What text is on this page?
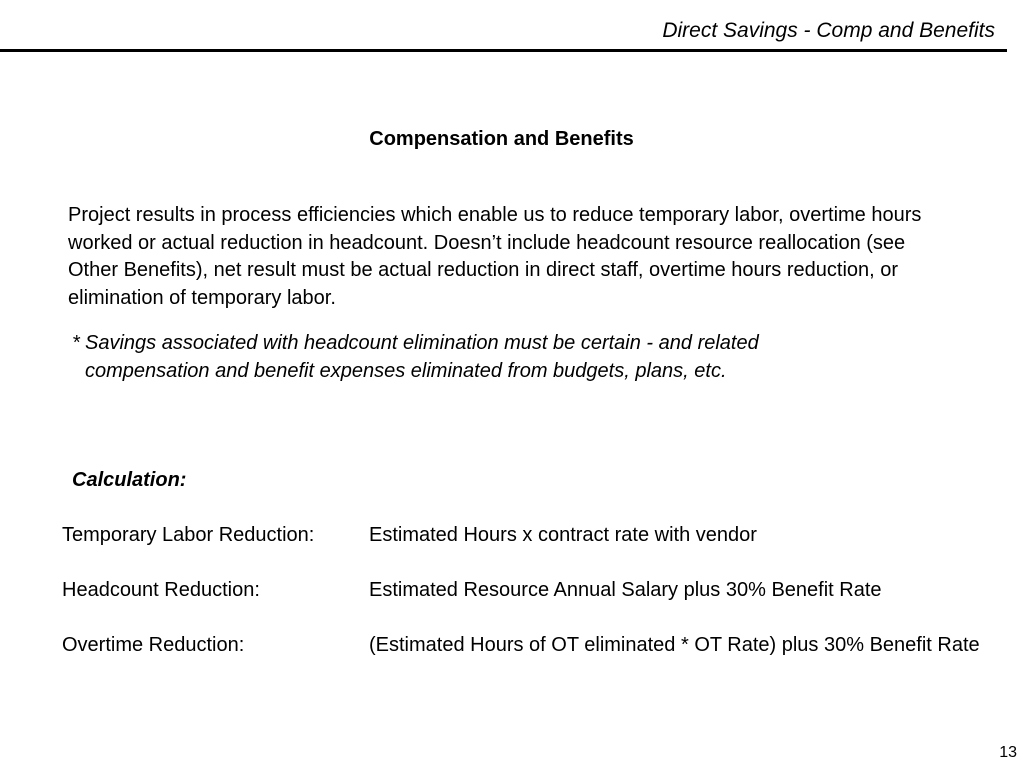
Direct Savings - Comp and Benefits
Compensation and Benefits
Project results in process efficiencies which enable us to reduce temporary labor, overtime hours worked or actual reduction in headcount. Doesn’t include headcount resource reallocation (see Other Benefits), net result must be actual reduction in direct staff, overtime hours reduction, or elimination of temporary labor.
* Savings associated with headcount elimination must be certain - and related compensation and benefit expenses eliminated from budgets, plans, etc.
Calculation:
Temporary Labor Reduction:	Estimated Hours x contract rate with vendor
Headcount Reduction:	Estimated Resource Annual Salary plus 30% Benefit Rate
Overtime Reduction:	(Estimated Hours of OT eliminated * OT Rate) plus 30% Benefit Rate
13
